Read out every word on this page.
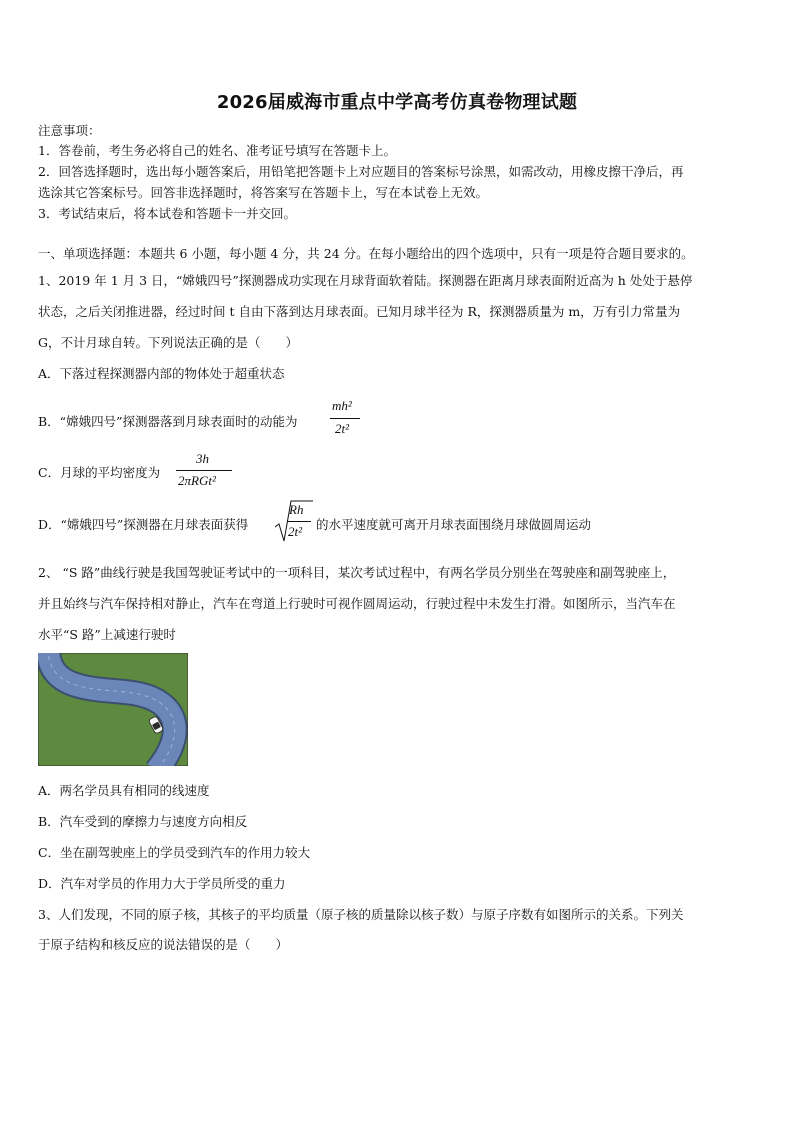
2026届威海市重点中学高考仿真卷物理试题
注意事项：
1．答卷前，考生务必将自己的姓名、准考证号填写在答题卡上。
2．回答选择题时，选出每小题答案后，用铅笔把答题卡上对应题目的答案标号涂黑，如需改动，用橡皮擦干净后，再
选涂其它答案标号。回答非选择题时，将答案写在答题卡上，写在本试卷上无效。
3．考试结束后，将本试卷和答题卡一并交回。
一、单项选择题：本题共 6 小题，每小题 4 分，共 24 分。在每小题给出的四个选项中，只有一项是符合题目要求的。
1、2019 年 1 月 3 日，“嫦娥四号”探测器成功实现在月球背面软着陆。探测器在距离月球表面附近高为 h 处处于悬停
状态，之后关闭推进器，经过时间 t 自由下落到达月球表面。已知月球半径为 R，探测器质量为 m，万有引力常量为
G，不计月球自转。下列说法正确的是（　　）
A．下落过程探测器内部的物体处于超重状态
B．“嫦娥四号”探测器落到月球表面时的动能为
mh²
2t²
C．月球的平均密度为
3h
2πRGt²
D．“嫦娥四号”探测器在月球表面获得
Rh
2t² 的水平速度就可离开月球表面围绕月球做圆周运动
2、 “S 路”曲线行驶是我国驾驶证考试中的一项科目，某次考试过程中，有两名学员分别坐在驾驶座和副驾驶座上，
并且始终与汽车保持相对静止，汽车在弯道上行驶时可视作圆周运动，行驶过程中未发生打滑。如图所示，当汽车在
水平“S 路”上减速行驶时
A．两名学员具有相同的线速度
B．汽车受到的摩擦力与速度方向相反
C．坐在副驾驶座上的学员受到汽车的作用力较大
D．汽车对学员的作用力大于学员所受的重力
3、人们发现，不同的原子核，其核子的平均质量（原子核的质量除以核子数）与原子序数有如图所示的关系。下列关
于原子结构和核反应的说法错误的是（　　）
